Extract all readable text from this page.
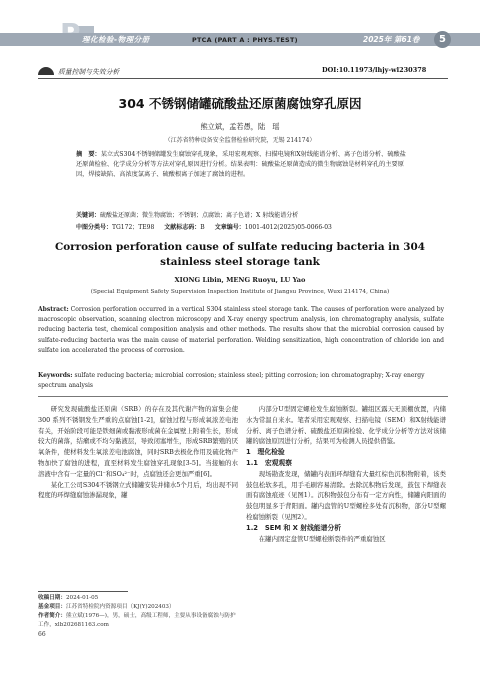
理化检验-物理分册	PTCA (PART A : PHYS.TEST)	2025年 第61卷	5
质量控制与失效分析	DOI:10.11973/lhjy-wl230378
304 不锈钢储罐硫酸盐还原菌腐蚀穿孔原因
熊立斌，孟若愚，陆　瑶
（江苏省特种设备安全监督检验研究院，无锡 214174）
摘　要：某立式S304不锈钢储罐发生腐蚀穿孔现象，采用宏观观察、扫描电镜和X射线能谱分析、离子色谱分析、硫酸盐还原菌检验、化学成分分析等方法对穿孔原因进行分析。结果表明：硫酸盐还原菌造成的微生物腐蚀是材料穿孔的主要原因，焊接缺陷、高浓度氯离子、硫酸根离子加速了腐蚀的进程。
关键词：硫酸盐还原菌；微生物腐蚀；不锈钢；点腐蚀；离子色谱；X 射线能谱分析
中图分类号：TG172；TE98 文献标志码：B 文章编号：1001-4012(2025)05-0066-03
Corrosion perforation cause of sulfate reducing bacteria in 304 stainless steel storage tank
XIONG Libin, MENG Ruoyu, LU Yao
(Special Equipment Safety Supervision Inspection Institute of Jiangsu Province, Wuxi 214174, China)
Abstract: Corrosion perforation occurred in a vertical S304 stainless steel storage tank. The causes of perforation were analyzed by macroscopic observation, scanning electron microscopy and X-ray energy spectrum analysis, ion chromatography analysis, sulfate reducing bacteria test, chemical composition analysis and other methods. The results show that the microbial corrosion caused by sulfate-reducing bacteria was the main cause of material perforation. Welding sensitization, high concentration of chloride ion and sulfate ion accelerated the process of corrosion.
Keywords: sulfate reducing bacteria; microbial corrosion; stainless steel; pitting corrosion; ion chromatography; X-ray energy spectrum analysis

研究发现硫酸盐还原菌（SRB）的存在及其代谢产物的富集会使 300 系列不锈钢发生严重的点腐蚀[1-2]，腐蚀过程与形成氧浓差电池有关，开始阶段可能是铁细菌或黏液形成菌在金属壁上附着生长，形成较大的菌落，结瘤或不均匀黏液层，导致闭塞增生，形成SRB繁殖的厌氧条件，使材料发生氧浓差电池腐蚀，同时SRB去极化作用及硫化物产物加快了腐蚀的进程，直至材料发生腐蚀穿孔现象[3-5]。当接触的水溶液中含有一定量的Cl⁻和SO₄²⁻时，点腐蚀还会更加严重[6]。

某化工公司S304不锈钢立式储罐安装并储水5个月后，均出现不同程度的环焊缝腐蚀渗漏现象，罐

收稿日期：2024-01-05
基金项目：江苏省特检院内资源项目（KJ(Y)202403）
作者简介：熊立斌(1976—)，男，硕士，高级工程师，主要从事设备腐蚀与防护工作，xlb202681163.com
66

内部分U型固定螺栓发生腐蚀断裂。罐组区露天无顶棚放置，内储水为常温自来水。笔者采用宏观观察、扫描电镜（SEM）和X射线能谱分析、离子色谱分析、硫酸盐还原菌检验、化学成分分析等方法对该储罐的腐蚀原因进行分析，结果可为检测人员提供借鉴。

1　理化检验

1.1　宏观观察

现场勘查发现，储罐内表面环焊缝有大量红棕色沉积物附着，该类鼓包松软多孔，用手毛刷容易清除。去除沉积物后发现，鼓包下焊缝表面有腐蚀痕迹（见图1）。沉积物鼓包分布有一定方向性，储罐向阳面的鼓包明显多于背阳面。罐内盘管的U型螺栓多处有沉积物，部分U型螺栓腐蚀断裂（见图2）。

1.2　SEM 和 X 射线能谱分析

在罐内固定盘管U型螺栓断裂件的严重腐蚀区
